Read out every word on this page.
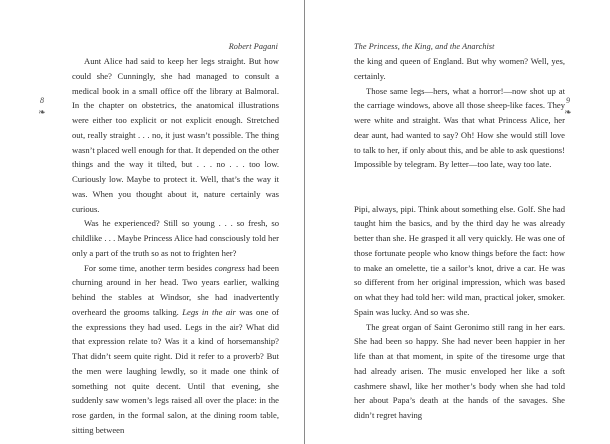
Robert Pagani
8
❧

Aunt Alice had said to keep her legs straight. But how could she? Cunningly, she had managed to consult a medical book in a small office off the library at Balmoral. In the chapter on obstetrics, the anatomical illustrations were either too explicit or not explicit enough. Stretched out, really straight . . . no, it just wasn’t possible. The thing wasn’t placed well enough for that. It depended on the other things and the way it tilted, but . . . no . . . too low. Curiously low. Maybe to protect it. Well, that’s the way it was. When you thought about it, nature certainly was curious.

Was he experienced? Still so young . . . so fresh, so childlike . . . Maybe Princess Alice had consciously told her only a part of the truth so as not to frighten her?

For some time, another term besides congress had been churning around in her head. Two years earlier, walking behind the stables at Windsor, she had inadvertently overheard the grooms talking. Legs in the air was one of the expressions they had used. Legs in the air? What did that expression relate to? Was it a kind of horsemanship? That didn’t seem quite right. Did it refer to a proverb? But the men were laughing lewdly, so it made one think of something not quite decent. Until that evening, she suddenly saw women’s legs raised all over the place: in the rose garden, in the formal salon, at the dining room table, sitting between

The Princess, the King, and the Anarchist
9
❧

the king and queen of England. But why women? Well, yes, certainly.

Those same legs—hers, what a horror!—now shot up at the carriage windows, above all those sheep-like faces. They were white and straight. Was that what Princess Alice, her dear aunt, had wanted to say? Oh! How she would still love to talk to her, if only about this, and be able to ask questions! Impossible by telegram. By letter—too late, way too late.

Pipi, always, pipi. Think about something else. Golf. She had taught him the basics, and by the third day he was already better than she. He grasped it all very quickly. He was one of those fortunate people who know things before the fact: how to make an omelette, tie a sailor’s knot, drive a car. He was so different from her original impression, which was based on what they had told her: wild man, practical joker, smoker. Spain was lucky. And so was she.

The great organ of Saint Geronimo still rang in her ears. She had been so happy. She had never been happier in her life than at that moment, in spite of the tiresome urge that had already arisen. The music enveloped her like a soft cashmere shawl, like her mother’s body when she had told her about Papa’s death at the hands of the savages. She didn’t regret having
